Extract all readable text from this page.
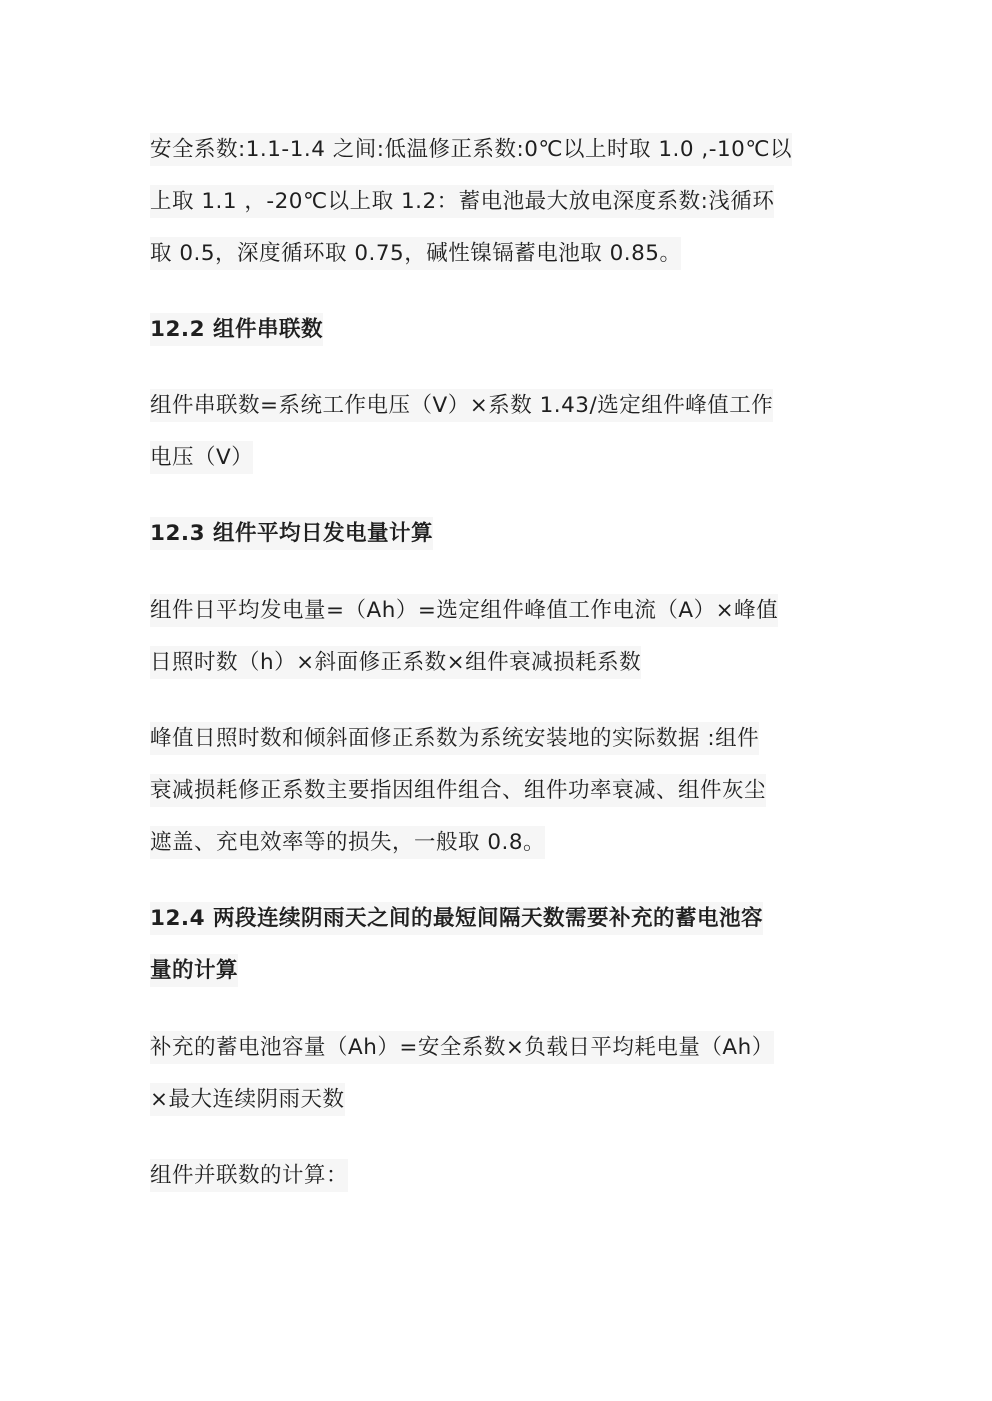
安全系数:1.1-1.4 之间:低温修正系数:0℃以上时取 1.0 ,-10℃以
上取 1.1 ，-20℃以上取 1.2：蓄电池最大放电深度系数:浅循环
取 0.5，深度循环取 0.75，碱性镍镉蓄电池取 0.85。
12.2 组件串联数
组件串联数=系统工作电压（V）×系数 1.43/选定组件峰值工作
电压（V）
12.3 组件平均日发电量计算
组件日平均发电量=（Ah）=选定组件峰值工作电流（A）×峰值
日照时数（h）×斜面修正系数×组件衰减损耗系数
峰值日照时数和倾斜面修正系数为系统安装地的实际数据 :组件
衰减损耗修正系数主要指因组件组合、组件功率衰减、组件灰尘
遮盖、充电效率等的损失，一般取 0.8。
12.4 两段连续阴雨天之间的最短间隔天数需要补充的蓄电池容
量的计算
补充的蓄电池容量（Ah）=安全系数×负载日平均耗电量（Ah）
×最大连续阴雨天数
组件并联数的计算：
